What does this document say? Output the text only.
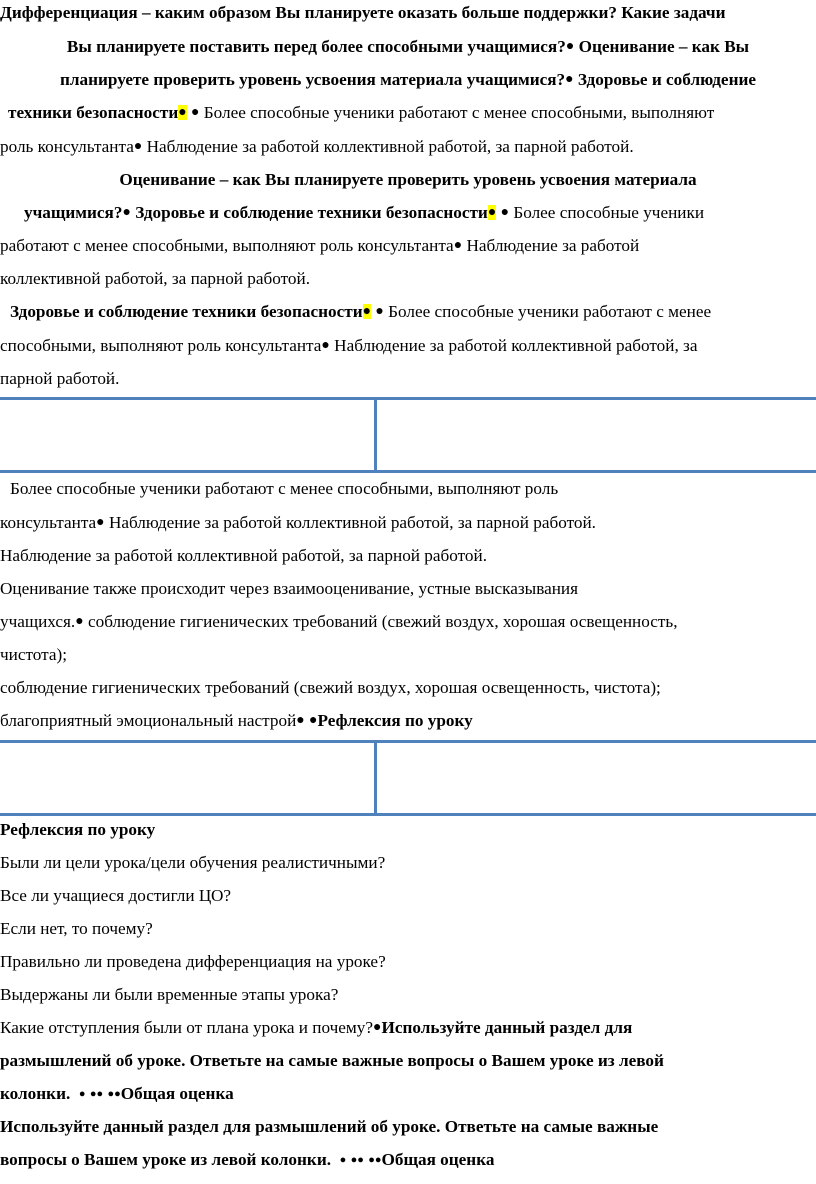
Дифференциация – каким образом Вы планируете оказать больше поддержки? Какие задачи
Вы планируете поставить перед более способными учащимися?● Оценивание – как Вы
планируете проверить уровень усвоения материала учащимися?● Здоровье и соблюдение
техники безопасности● ● Более способные ученики работают с менее способными, выполняют
роль консультанта● Наблюдение за работой коллективной работой, за парной работой.
Оценивание – как Вы планируете проверить уровень усвоения материала
учащимися?● Здоровье и соблюдение техники безопасности● ● Более способные ученики
работают с менее способными, выполняют роль консультанта● Наблюдение за работой
коллективной работой, за парной работой.
Здоровье и соблюдение техники безопасности● ● Более способные ученики работают с менее
способными, выполняют роль консультанта● Наблюдение за работой коллективной работой, за
парной работой.
Более способные ученики работают с менее способными, выполняют роль
консультанта● Наблюдение за работой коллективной работой, за парной работой.
Наблюдение за работой коллективной работой, за парной работой.
Оценивание также происходит через взаимооценивание, устные высказывания
учащихся.● соблюдение гигиенических требований (свежий воздух, хорошая освещенность,
чистота);
соблюдение гигиенических требований (свежий воздух, хорошая освещенность, чистота);
благоприятный эмоциональный настрой● ●Рефлексия по уроку
Рефлексия по уроку
Были ли цели урока/цели обучения реалистичными?
Все ли учащиеся достигли ЦО?
Если нет, то почему?
Правильно ли проведена дифференциация на уроке?
Выдержаны ли были временные этапы урока?
Какие отступления были от плана урока и почему?●Используйте данный раздел для
размышлений об уроке. Ответьте на самые важные вопросы о Вашем уроке из левой
колонки. ● ●● ●●Общая оценка
Используйте данный раздел для размышлений об уроке. Ответьте на самые важные
вопросы о Вашем уроке из левой колонки. ● ●● ●●Общая оценка
